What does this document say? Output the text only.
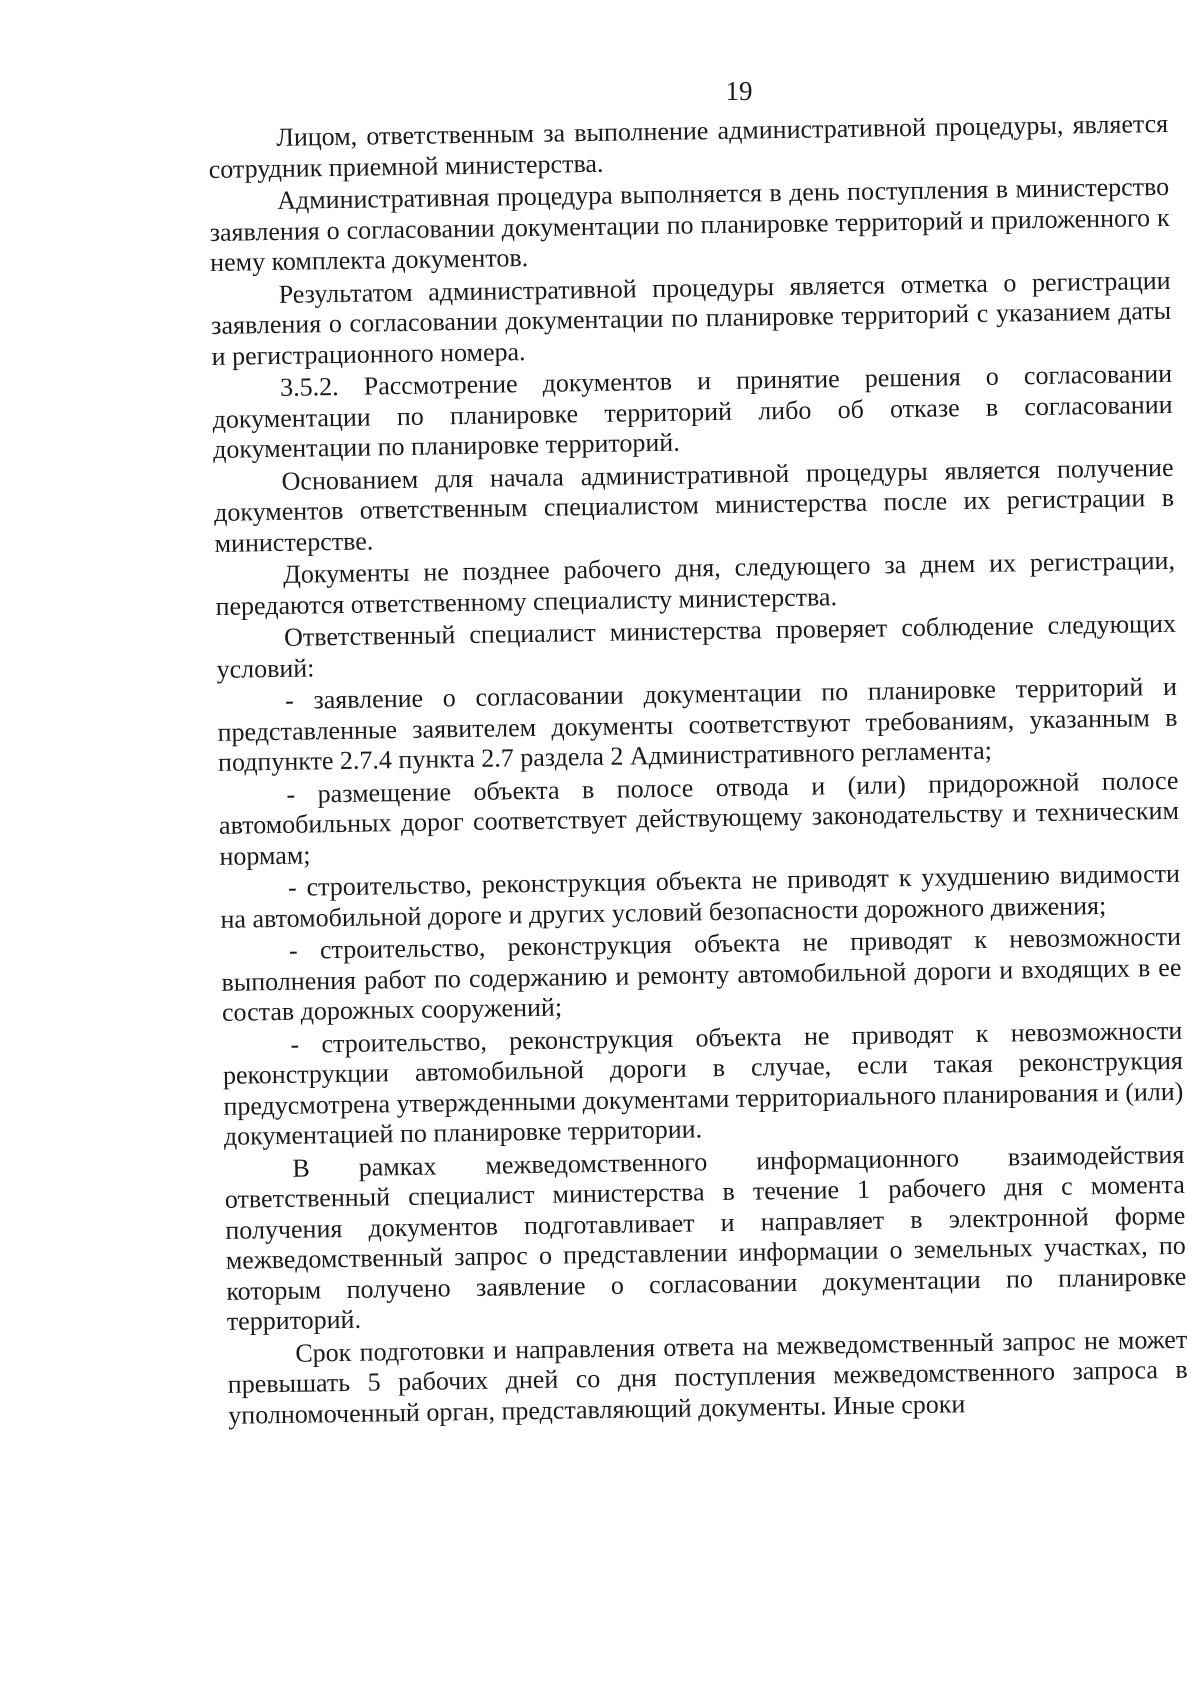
19

Лицом, ответственным за выполнение административной процедуры, является сотрудник приемной министерства.

Административная процедура выполняется в день поступления в министерство заявления о согласовании документации по планировке территорий и приложенного к нему комплекта документов.

Результатом административной процедуры является отметка о регистрации заявления о согласовании документации по планировке территорий с указанием даты и регистрационного номера.

3.5.2. Рассмотрение документов и принятие решения о согласовании документации по планировке территорий либо об отказе в согласовании документации по планировке территорий.

Основанием для начала административной процедуры является получение документов ответственным специалистом министерства после их регистрации в министерстве.

Документы не позднее рабочего дня, следующего за днем их регистрации, передаются ответственному специалисту министерства.

Ответственный специалист министерства проверяет соблюдение следующих условий:

- заявление о согласовании документации по планировке территорий и представленные заявителем документы соответствуют требованиям, указанным в подпункте 2.7.4 пункта 2.7 раздела 2 Административного регламента;

- размещение объекта в полосе отвода и (или) придорожной полосе автомобильных дорог соответствует действующему законодательству и техническим нормам;

- строительство, реконструкция объекта не приводят к ухудшению видимости на автомобильной дороге и других условий безопасности дорожного движения;

- строительство, реконструкция объекта не приводят к невозможности выполнения работ по содержанию и ремонту автомобильной дороги и входящих в ее состав дорожных сооружений;

- строительство, реконструкция объекта не приводят к невозможности реконструкции автомобильной дороги в случае, если такая реконструкция предусмотрена утвержденными документами территориального планирования и (или) документацией по планировке территории.

В рамках межведомственного информационного взаимодействия ответственный специалист министерства в течение 1 рабочего дня с момента получения документов подготавливает и направляет в электронной форме межведомственный запрос о представлении информации о земельных участках, по которым получено заявление о согласовании документации по планировке территорий.

Срок подготовки и направления ответа на межведомственный запрос не может превышать 5 рабочих дней со дня поступления межведомственного запроса в уполномоченный орган, представляющий документы. Иные сроки
